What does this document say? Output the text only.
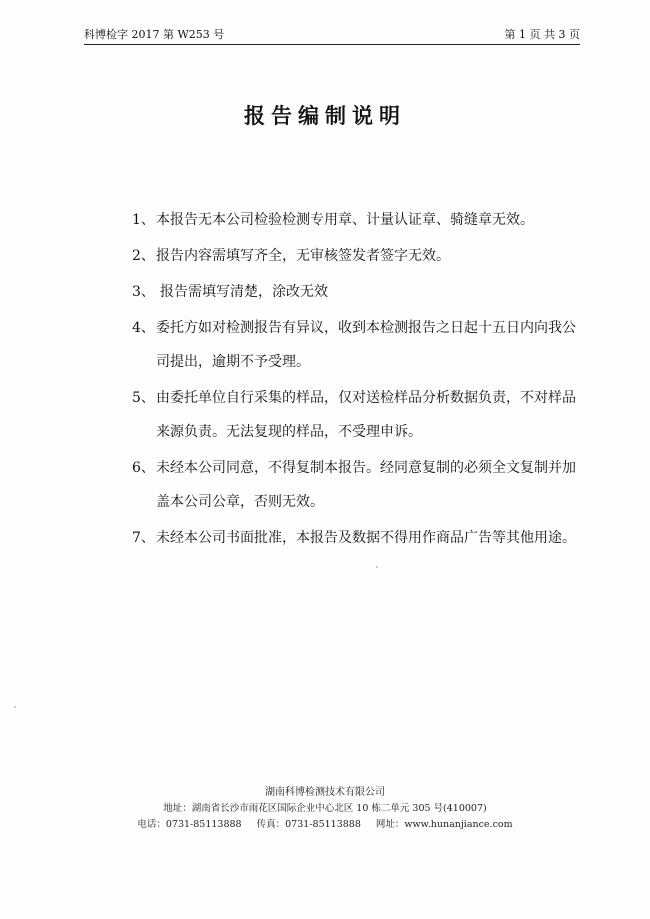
科博检字 2017 第 W253 号	第 1 页 共 3 页
报告编制说明
1、 本报告无本公司检验检测专用章、计量认证章、骑缝章无效。
2、 报告内容需填写齐全，无审核签发者签字无效。
3、 报告需填写清楚，涂改无效
4、 委托方如对检测报告有异议，收到本检测报告之日起十五日内向我公司提出，逾期不予受理。
5、 由委托单位自行采集的样品，仅对送检样品分析数据负责，不对样品来源负责。无法复现的样品，不受理申诉。
6、 未经本公司同意，不得复制本报告。经同意复制的必须全文复制并加盖本公司公章，否则无效。
7、 未经本公司书面批准，本报告及数据不得用作商品广告等其他用途。
湖南科博检测技术有限公司
地址：湖南省长沙市雨花区国际企业中心北区 10 栋二单元 305 号(410007)
电话：0731-85113888 传真：0731-85113888 网址：www.hunanjiance.com
